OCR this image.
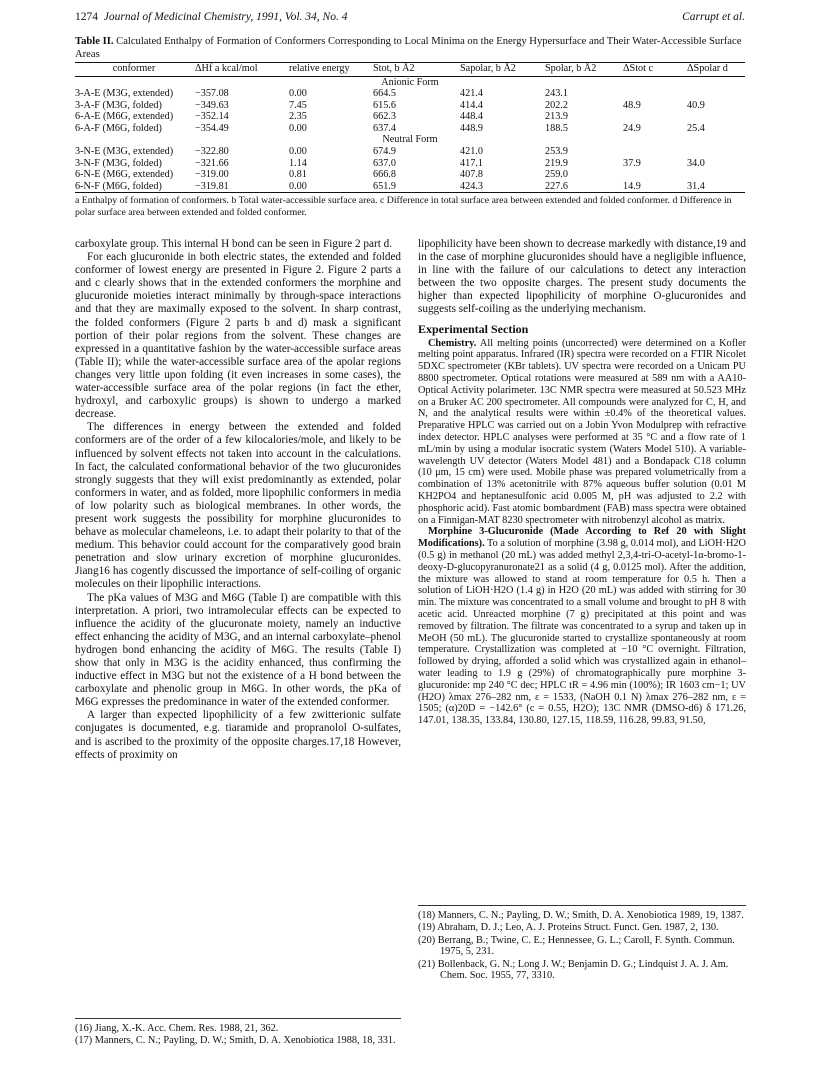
1274 Journal of Medicinal Chemistry, 1991, Vol. 34, No. 4	Carrupt et al.
Table II. Calculated Enthalpy of Formation of Conformers Corresponding to Local Minima on the Energy Hypersurface and Their Water-Accessible Surface Areas
conformer	ΔHf a kcal/mol	relative energy	Stot, b Å2	Sapolar, b Å2	Spolar, b Å2	ΔStot c	ΔSpolar d
Anionic Form
3-A-E (M3G, extended) −357.08	0.00	664.5	421.4	243.1
3-A-F (M3G, folded)	−349.63	7.45	615.6	414.4	202.2	48.9	40.9
6-A-E (M6G, extended) −352.14	2.35	662.3	448.4	213.9
6-A-F (M6G, folded)	−354.49	0.00	637.4	448.9	188.5	24.9	25.4
Neutral Form
3-N-E (M3G, extended) −322.80	0.00	674.9	421.0	253.9
3-N-F (M3G, folded)	−321.66	1.14	637.0	417.1	219.9	37.9	34.0
6-N-E (M6G, extended) −319.00	0.81	666.8	407.8	259.0
6-N-F (M6G, folded)	−319.81	0.00	651.9	424.3	227.6	14.9	31.4
a Enthalpy of formation of conformers. b Total water-accessible surface area. c Difference in total surface area between extended and folded conformer. d Difference in polar surface area between extended and folded conformer.

carboxylate group. This internal H bond can be seen in Figure 2 part d.

For each glucuronide in both electric states, the extended and folded conformer of lowest energy are presented in Figure 2. Figure 2 parts a and c clearly shows that in the extended conformers the morphine and glucuronide moieties interact minimally by through-space interactions and that they are maximally exposed to the solvent. In sharp contrast, the folded conformers (Figure 2 parts b and d) mask a significant portion of their polar regions from the solvent. These changes are expressed in a quantitative fashion by the water-accessible surface areas (Table II); while the water-accessible surface area of the apolar regions changes very little upon folding (it even increases in some cases), the water-accessible surface area of the polar regions (in fact the ether, hydroxyl, and carboxylic groups) is shown to undergo a marked decrease.

The differences in energy between the extended and folded conformers are of the order of a few kilocalories/mole, and likely to be influenced by solvent effects not taken into account in the calculations. In fact, the calculated conformational behavior of the two glucuronides strongly suggests that they will exist predominantly as extended, polar conformers in water, and as folded, more lipophilic conformers in media of low polarity such as biological membranes. In other words, the present work suggests the possibility for morphine glucuronides to behave as molecular chameleons, i.e. to adapt their polarity to that of the medium. This behavior could account for the comparatively good brain penetration and slow urinary excretion of morphine glucuronides. Jiang16 has cogently discussed the importance of self-coiling of organic molecules on their lipophilic interactions.

The pKa values of M3G and M6G (Table I) are compatible with this interpretation. A priori, two intramolecular effects can be expected to influence the acidity of the glucuronate moiety, namely an inductive effect enhancing the acidity of M3G, and an internal carboxylate–phenol hydrogen bond enhancing the acidity of M6G. The results (Table I) show that only in M3G is the acidity enhanced, thus confirming the inductive effect in M3G but not the existence of a H bond between the carboxylate and phenolic group in M6G. In other words, the pKa of M6G expresses the predominance in water of the extended conformer.

A larger than expected lipophilicity of a few zwitterionic sulfate conjugates is documented, e.g. tiaramide and propranolol O-sulfates, and is ascribed to the proximity of the opposite charges.17,18 However, effects of proximity on

lipophilicity have been shown to decrease markedly with distance,19 and in the case of morphine glucuronides should have a negligible influence, in line with the failure of our calculations to detect any interaction between the two opposite charges. The present study documents the higher than expected lipophilicity of morphine O-glucuronides and suggests self-coiling as the underlying mechanism.

Experimental Section

Chemistry. All melting points (uncorrected) were determined on a Kofler melting point apparatus. Infrared (IR) spectra were recorded on a FTIR Nicolet 5DXC spectrometer (KBr tablets). UV spectra were recorded on a Unicam PU 8800 spectrometer. Optical rotations were measured at 589 nm with a AA10-Optical Activity polarimeter. 13C NMR spectra were measured at 50.523 MHz on a Bruker AC 200 spectrometer. All compounds were analyzed for C, H, and N, and the analytical results were within ±0.4% of the theoretical values. Preparative HPLC was carried out on a Jobin Yvon Modulprep with refractive index detector. HPLC analyses were performed at 35 °C and a flow rate of 1 mL/min by using a modular isocratic system (Waters Model 510). A variable-wavelength UV detector (Waters Model 481) and a Bondapack C18 column (10 μm, 15 cm) were used. Mobile phase was prepared volumetrically from a combination of 13% acetonitrile with 87% aqueous buffer solution (0.01 M KH2PO4 and heptanesulfonic acid 0.005 M, pH was adjusted to 2.2 with phosphoric acid). Fast atomic bombardment (FAB) mass spectra were obtained on a Finnigan-MAT 8230 spectrometer with nitrobenzyl alcohol as matrix.

Morphine 3-Glucuronide (Made According to Ref 20 with Slight Modifications). To a solution of morphine (3.98 g, 0.014 mol), and LiOH·H2O (0.5 g) in methanol (20 mL) was added methyl 2,3,4-tri-O-acetyl-1α-bromo-1-deoxy-D-glucopyranuronate21 as a solid (4 g, 0.0125 mol). After the addition, the mixture was allowed to stand at room temperature for 0.5 h. Then a solution of LiOH·H2O (1.4 g) in H2O (20 mL) was added with stirring for 30 min. The mixture was concentrated to a small volume and brought to pH 8 with acetic acid. Unreacted morphine (7 g) precipitated at this point and was removed by filtration. The filtrate was concentrated to a syrup and taken up in MeOH (50 mL). The glucuronide started to crystallize spontaneously at room temperature. Crystallization was completed at −10 °C overnight. Filtration, followed by drying, afforded a solid which was crystallized again in ethanol–water leading to 1.9 g (29%) of chromatographically pure morphine 3-glucuronide: mp 240 °C dec; HPLC tR = 4.96 min (100%); IR 1603 cm−1; UV (H2O) λmax 276–282 nm, ε = 1533, (NaOH 0.1 N) λmax 276–282 nm, ε = 1505; (α)20D = −142.6° (c = 0.55, H2O); 13C NMR (DMSO-d6) δ 171.26, 147.01, 138.35, 133.84, 130.80, 127.15, 118.59, 116.28, 99.83, 91.50,

(16) Jiang, X.-K. Acc. Chem. Res. 1988, 21, 362.
(17) Manners, C. N.; Payling, D. W.; Smith, D. A. Xenobiotica 1988, 18, 331.
(18) Manners, C. N.; Payling, D. W.; Smith, D. A. Xenobiotica 1989, 19, 1387.
(19) Abraham, D. J.; Leo, A. J. Proteins Struct. Funct. Gen. 1987, 2, 130.
(20) Berrang, B.; Twine, C. E.; Hennessee, G. L.; Caroll, F. Synth. Commun. 1975, 5, 231.
(21) Bollenback, G. N.; Long J. W.; Benjamin D. G.; Lindquist J. A. J. Am. Chem. Soc. 1955, 77, 3310.
